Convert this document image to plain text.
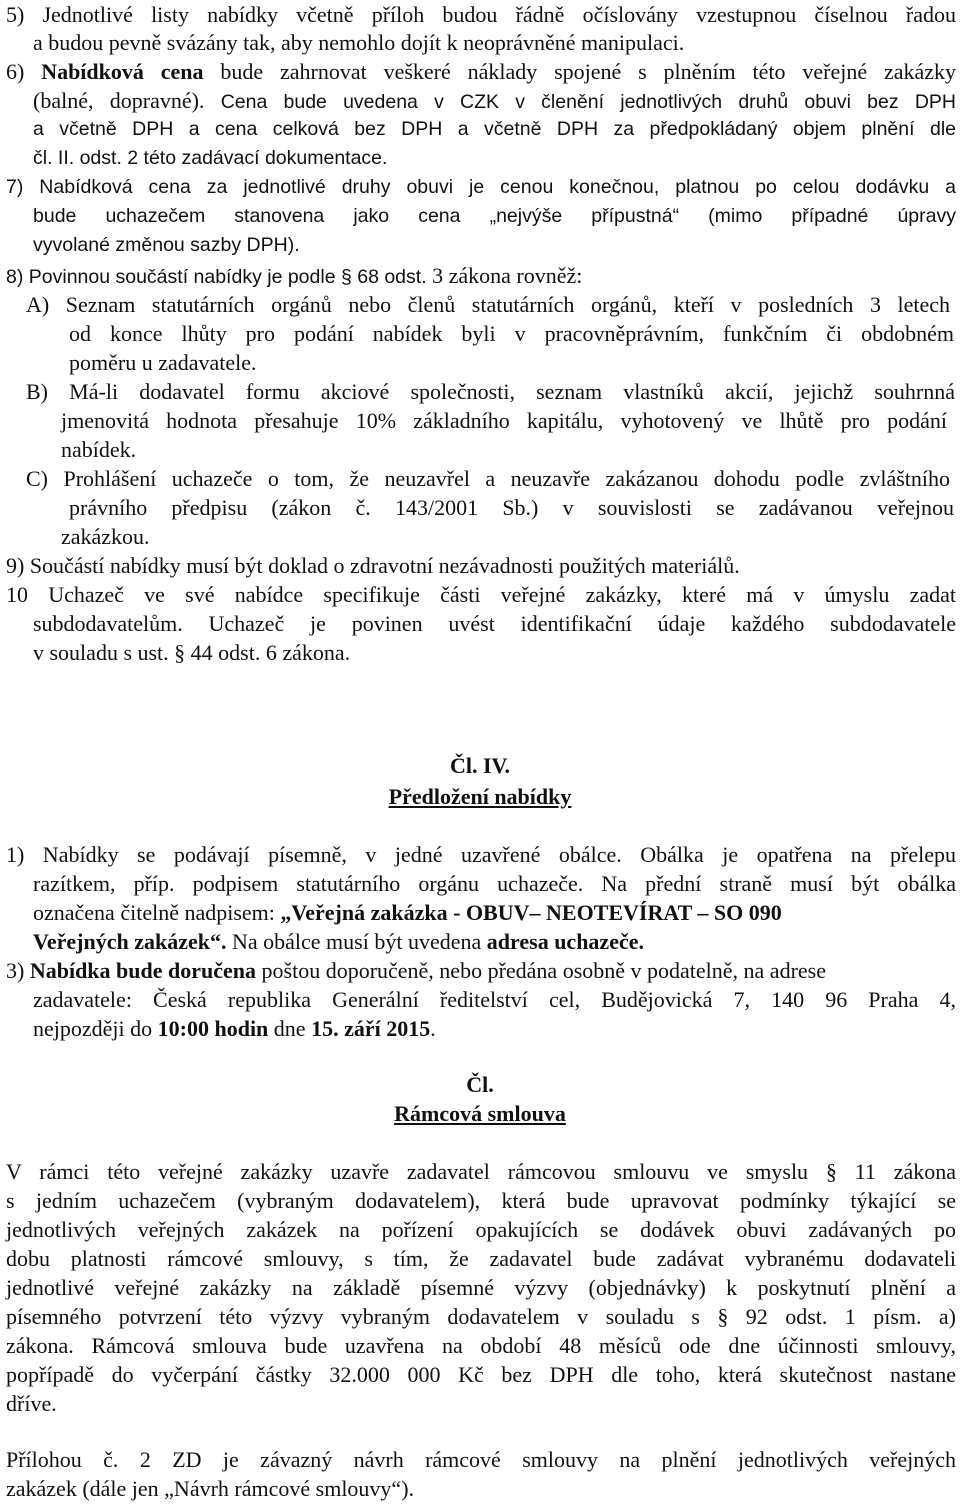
5) Jednotlivé listy nabídky včetně příloh budou řádně očíslovány vzestupnou číselnou řadou
a budou pevně svázány tak, aby nemohlo dojít k neoprávněné manipulaci.
6) Nabídková cena bude zahrnovat veškeré náklady spojené s plněním této veřejné zakázky
(balné, dopravné). Cena bude uvedena v CZK v členění jednotlivých druhů obuvi bez DPH
a včetně DPH a cena celková bez DPH a včetně DPH za předpokládaný objem plnění dle
čl. II. odst. 2 této zadávací dokumentace.
7) Nabídková cena za jednotlivé druhy obuvi je cenou konečnou, platnou po celou dodávku a
bude uchazečem stanovena jako cena „nejvýše přípustná“ (mimo případné úpravy
vyvolané změnou sazby DPH).
8) Povinnou součástí nabídky je podle § 68 odst. 3 zákona rovněž:
A) Seznam statutárních orgánů nebo členů statutárních orgánů, kteří v posledních 3 letech
od konce lhůty pro podání nabídek byli v pracovněprávním, funkčním či obdobném
poměru u zadavatele.
B) Má-li dodavatel formu akciové společnosti, seznam vlastníků akcií, jejichž souhrnná
jmenovitá hodnota přesahuje 10% základního kapitálu, vyhotovený ve lhůtě pro podání
nabídek.
C) Prohlášení uchazeče o tom, že neuzavřel a neuzavře zakázanou dohodu podle zvláštního
právního předpisu (zákon č. 143/2001 Sb.) v souvislosti se zadávanou veřejnou
zakázkou.
9) Součástí nabídky musí být doklad o zdravotní nezávadnosti použitých materiálů.
10 Uchazeč ve své nabídce specifikuje části veřejné zakázky, které má v úmyslu zadat
subdodavatelům. Uchazeč je povinen uvést identifikační údaje každého subdodavatele
v souladu s ust. § 44 odst. 6 zákona.
Čl. IV.
Předložení nabídky
1) Nabídky se podávají písemně, v jedné uzavřené obálce. Obálka je opatřena na přelepu
razítkem, příp. podpisem statutárního orgánu uchazeče. Na přední straně musí být obálka
označena čitelně nadpisem: „Veřejná zakázka - OBUV– NEOTEVÍRAT – SO 090
Veřejných zakázek“. Na obálce musí být uvedena adresa uchazeče.
3) Nabídka bude doručena poštou doporučeně, nebo předána osobně v podatelně, na adrese
zadavatele: Česká republika Generální ředitelství cel, Budějovická 7, 140 96 Praha 4,
nejpozději do 10:00 hodin dne 15. září 2015.
Čl.
Rámcová smlouva
V rámci této veřejné zakázky uzavře zadavatel rámcovou smlouvu ve smyslu § 11 zákona
s jedním uchazečem (vybraným dodavatelem), která bude upravovat podmínky týkající se
jednotlivých veřejných zakázek na pořízení opakujících se dodávek obuvi zadávaných po
dobu platnosti rámcové smlouvy, s tím, že zadavatel bude zadávat vybranému dodavateli
jednotlivé veřejné zakázky na základě písemné výzvy (objednávky) k poskytnutí plnění a
písemného potvrzení této výzvy vybraným dodavatelem v souladu s § 92 odst. 1 písm. a)
zákona. Rámcová smlouva bude uzavřena na období 48 měsíců ode dne účinnosti smlouvy,
popřípadě do vyčerpání částky 32.000 000 Kč bez DPH dle toho, která skutečnost nastane
dříve.
Přílohou č. 2 ZD je závazný návrh rámcové smlouvy na plnění jednotlivých veřejných
zakázek (dále jen „Návrh rámcové smlouvy“).
